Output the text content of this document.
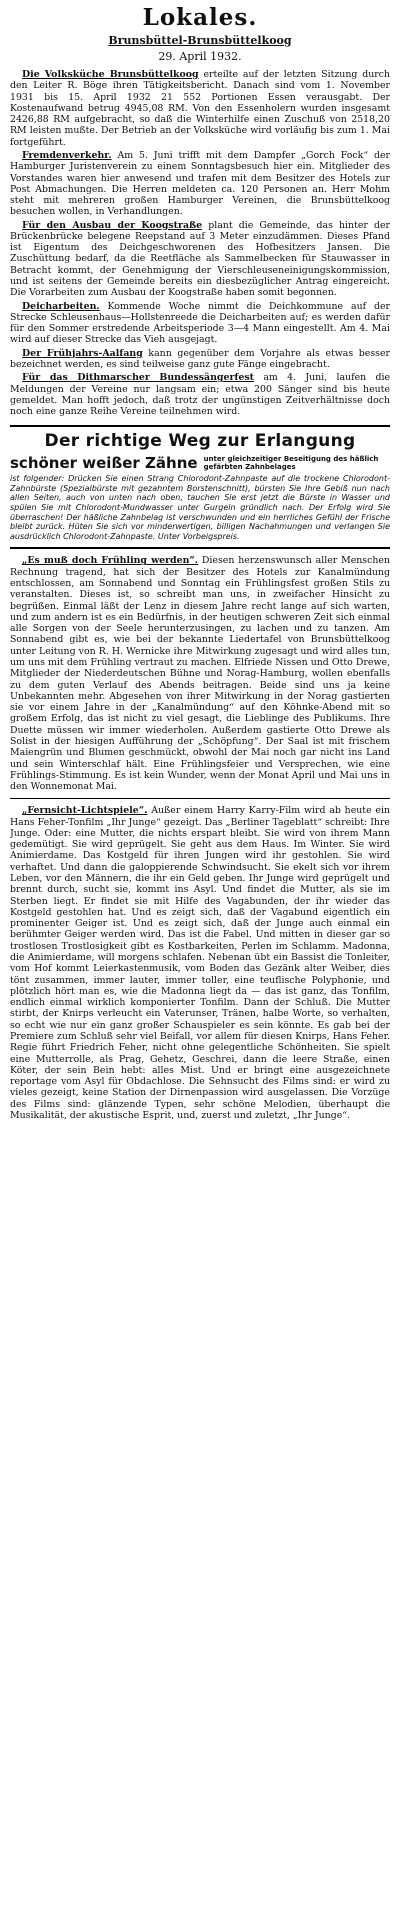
Lokales.
Brunsbüttel-Brunsbüttelkoog
29. April 1932.

Die Volksküche Brunsbüttelkoog erteilte auf der letzten Sitzung durch den Leiter R. Böge ihren Tätigkeitsbericht. Danach sind vom 1. November 1931 bis 15. April 1932 21 552 Portionen Essen verausgabt. Der Kostenaufwand betrug 4945,08 RM. Von den Essenholern wurden insgesamt 2426,88 RM aufgebracht, so daß die Winterhilfe einen Zuschuß von 2518,20 RM leisten mußte. Der Betrieb an der Volksküche wird vorläufig bis zum 1. Mai fortgeführt.

Fremdenverkehr. Am 5. Juni trifft mit dem Dampfer „Gorch Fock“ der Hamburger Juristenverein zu einem Sonntagsbesuch hier ein. Mitglieder des Vorstandes waren hier anwesend und trafen mit dem Besitzer des Hotels zur Post Abmachungen. Die Herren meldeten ca. 120 Personen an. Herr Mohm steht mit mehreren großen Hamburger Vereinen, die Brunsbüttelkoog besuchen wollen, in Verhandlungen.

Für den Ausbau der Koogstraße plant die Gemeinde, das hinter der Brückenbrücke belegene Reepstand auf 3 Meter einzudämmen. Dieses Pfand ist Eigentum des Deichgeschworenen des Hofbesitzers Jansen. Die Zuschüttung bedarf, da die Reetfläche als Sammelbecken für Stauwasser in Betracht kommt, der Genehmigung der Vierschleuseneinigungskommission, und ist seitens der Gemeinde bereits ein diesbezüglicher Antrag eingereicht. Die Vorarbeiten zum Ausbau der Koogstraße haben somit begonnen.

Deicharbeiten. Kommende Woche nimmt die Deichkommune auf der Strecke Schleusenhaus—Hollstenreede die Deicharbeiten auf; es werden dafür für den Sommer erstredende Arbeitsperiode 3—4 Mann eingestellt. Am 4. Mai wird auf dieser Strecke das Vieh ausgejagt.

Der Frühjahrs-Aalfang kann gegenüber dem Vorjahre als etwas besser bezeichnet werden, es sind teilweise ganz gute Fänge eingebracht.

Für das Dithmarscher Bundessängerfest am 4. Juni, laufen die Meldungen der Vereine nur langsam ein; etwa 200 Sänger sind bis heute gemeldet. Man hofft jedoch, daß trotz der ungünstigen Zeitverhältnisse doch noch eine ganze Reihe Vereine teilnehmen wird.

Der richtige Weg zur Erlangung
schöner weißer Zähne unter gleichzeitiger Beseitigung des häßlich gefärbten Zahnbelages

ist folgender: Drücken Sie einen Strang Chlorodont-Zahnpaste auf die trockene Chlorodont-Zahnbürste (Spezialbürste mit gezahntem Borstenschnitt), bürsten Sie Ihre Gebiß nun nach allen Seiten, auch von unten nach oben, tauchen Sie erst jetzt die Bürste in Wasser und spülen Sie mit Chlorodont-Mundwasser unter Gurgeln gründlich nach. Der Erfolg wird Sie überraschen! Der häßliche Zahnbelag ist verschwunden und ein herrliches Gefühl der Frische bleibt zurück. Hüten Sie sich vor minderwertigen, billigen Nachahmungen und verlangen Sie ausdrücklich Chlorodont-Zahnpaste. Unter Vorbeigspreis.

„Es muß doch Frühling werden“. Diesen herzenswunsch aller Menschen Rechnung tragend, hat sich der Besitzer des Hotels zur Kanalmündung entschlossen, am Sonnabend und Sonntag ein Frühlingsfest großen Stils zu veranstalten. Dieses ist, so schreibt man uns, in zweifacher Hinsicht zu begrüßen. Einmal läßt der Lenz in diesem Jahre recht lange auf sich warten, und zum andern ist es ein Bedürfnis, in der heutigen schweren Zeit sich einmal alle Sorgen von der Seele herunterzusingen, zu lachen und zu tanzen. Am Sonnabend gibt es, wie bei der bekannte Liedertafel von Brunsbüttelkoog unter Leitung von R. H. Wernicke ihre Mitwirkung zugesagt und wird alles tun, um uns mit dem Frühling vertraut zu machen. Elfriede Nissen und Otto Drewe, Mitglieder der Niederdeutschen Bühne und Norag-Hamburg, wollen ebenfalls zu dem guten Verlauf des Abends beitragen. Beide sind uns ja keine Unbekannten mehr. Abgesehen von ihrer Mitwirkung in der Norag gastierten sie vor einem Jahre in der „Kanalmündung“ auf den Köhnke-Abend mit so großem Erfolg, das ist nicht zu viel gesagt, die Lieblinge des Publikums. Ihre Duette müssen wir immer wiederholen. Außerdem gastierte Otto Drewe als Solist in der hiesigen Aufführung der „Schöpfung“. Der Saal ist mit frischem Maiengrün und Blumen geschmückt, obwohl der Mai noch gar nicht ins Land und sein Winterschlaf hält. Eine Frühlingsfeier und Versprechen, wie eine Frühlings-Stimmung. Es ist kein Wunder, wenn der Monat April und Mai uns in den Wonnemonat Mai.

„Fernsicht-Lichtspiele“. Außer einem Harry Karry-Film wird ab heute ein Hans Feher-Tonfilm „Ihr Junge“ gezeigt. Das „Berliner Tageblatt“ schreibt: Ihre Junge. Oder: eine Mutter, die nichts erspart bleibt. Sie wird von ihrem Mann gedemütigt. Sie wird geprügelt. Sie geht aus dem Haus. Im Winter. Sie wird Animierdame. Das Kostgeld für ihren Jungen wird ihr gestohlen. Sie wird verhaftet. Und dann die galoppierende Schwindsucht. Sie ekelt sich vor ihrem Leben, vor den Männern, die ihr ein Geld geben. Ihr Junge wird geprügelt und brennt durch, sucht sie, kommt ins Asyl. Und findet die Mutter, als sie im Sterben liegt. Er findet sie mit Hilfe des Vagabunden, der ihr wieder das Kostgeld gestohlen hat. Und es zeigt sich, daß der Vagabund eigentlich ein prominenter Geiger ist. Und es zeigt sich, daß der Junge auch einmal ein berühmter Geiger werden wird. Das ist die Fabel. Und mitten in dieser gar so trostlosen Trostlosigkeit gibt es Kostbarkeiten, Perlen im Schlamm. Madonna, die Animierdame, will morgens schlafen. Nebenan übt ein Bassist die Tonleiter, vom Hof kommt Leierkastenmusik, vom Boden das Gezänk alter Weiber, dies tönt zusammen, immer lauter, immer toller, eine teuflische Polyphonie, und plötzlich hört man es, wie die Madonna liegt da — das ist ganz, das Tonfilm, endlich einmal wirklich komponierter Tonfilm. Dann der Schluß. Die Mutter stirbt, der Knirps verleucht ein Vaterunser, Tränen, halbe Worte, so verhalten, so echt wie nur ein ganz großer Schauspieler es sein könnte. Es gab bei der Premiere zum Schluß sehr viel Beifall, vor allem für diesen Knirps, Hans Feher. Regie führt Friedrich Feher, nicht ohne gelegentliche Schönheiten. Sie spielt eine Mutterrolle, als Prag, Gehetz, Geschrei, dann die leere Straße, einen Köter, der sein Bein hebt: alles Mist. Und er bringt eine ausgezeichnete reportage vom Asyl für Obdachlose. Die Sehnsucht des Films sind: er wird zu vieles gezeigt, keine Station der Dirnenpassion wird ausgelassen. Die Vorzüge des Films sind: glänzende Typen, sehr schöne Melodien, überhaupt die Musikalität, der akustische Esprit, und, zuerst und zuletzt, „Ihr Junge“.
